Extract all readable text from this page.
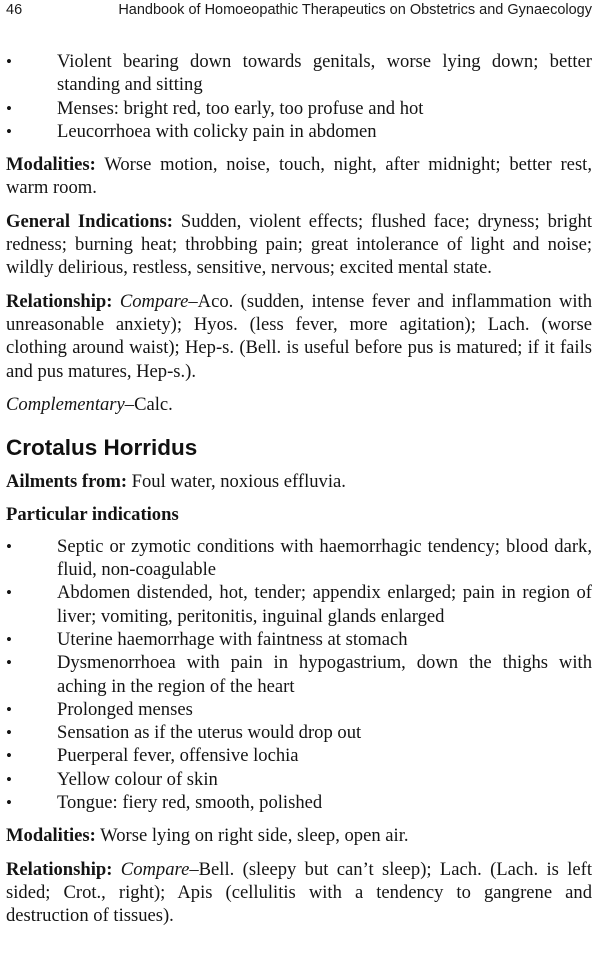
46	Handbook of Homoeopathic Therapeutics on Obstetrics and Gynaecology
• Violent bearing down towards genitals, worse lying down; better standing and sitting
• Menses: bright red, too early, too profuse and hot
• Leucorrhoea with colicky pain in abdomen

Modalities: Worse motion, noise, touch, night, after midnight; better rest, warm room.

General Indications: Sudden, violent effects; flushed face; dryness; bright redness; burning heat; throbbing pain; great intolerance of light and noise; wildly delirious, restless, sensitive, nervous; excited mental state.

Relationship: Compare–Aco. (sudden, intense fever and inflammation with unreasonable anxiety); Hyos. (less fever, more agitation); Lach. (worse clothing around waist); Hep-s. (Bell. is useful before pus is matured; if it fails and pus matures, Hep-s.).

Complementary–Calc.

Crotalus Horridus

Ailments from: Foul water, noxious effluvia.

Particular indications

• Septic or zymotic conditions with haemorrhagic tendency; blood dark, fluid, non-coagulable
• Abdomen distended, hot, tender; appendix enlarged; pain in region of liver; vomiting, peritonitis, inguinal glands enlarged
• Uterine haemorrhage with faintness at stomach
• Dysmenorrhoea with pain in hypogastrium, down the thighs with aching in the region of the heart
• Prolonged menses
• Sensation as if the uterus would drop out
• Puerperal fever, offensive lochia
• Yellow colour of skin
• Tongue: fiery red, smooth, polished

Modalities: Worse lying on right side, sleep, open air.

Relationship: Compare–Bell. (sleepy but can’t sleep); Lach. (Lach. is left sided; Crot., right); Apis (cellulitis with a tendency to gangrene and destruction of tissues).
